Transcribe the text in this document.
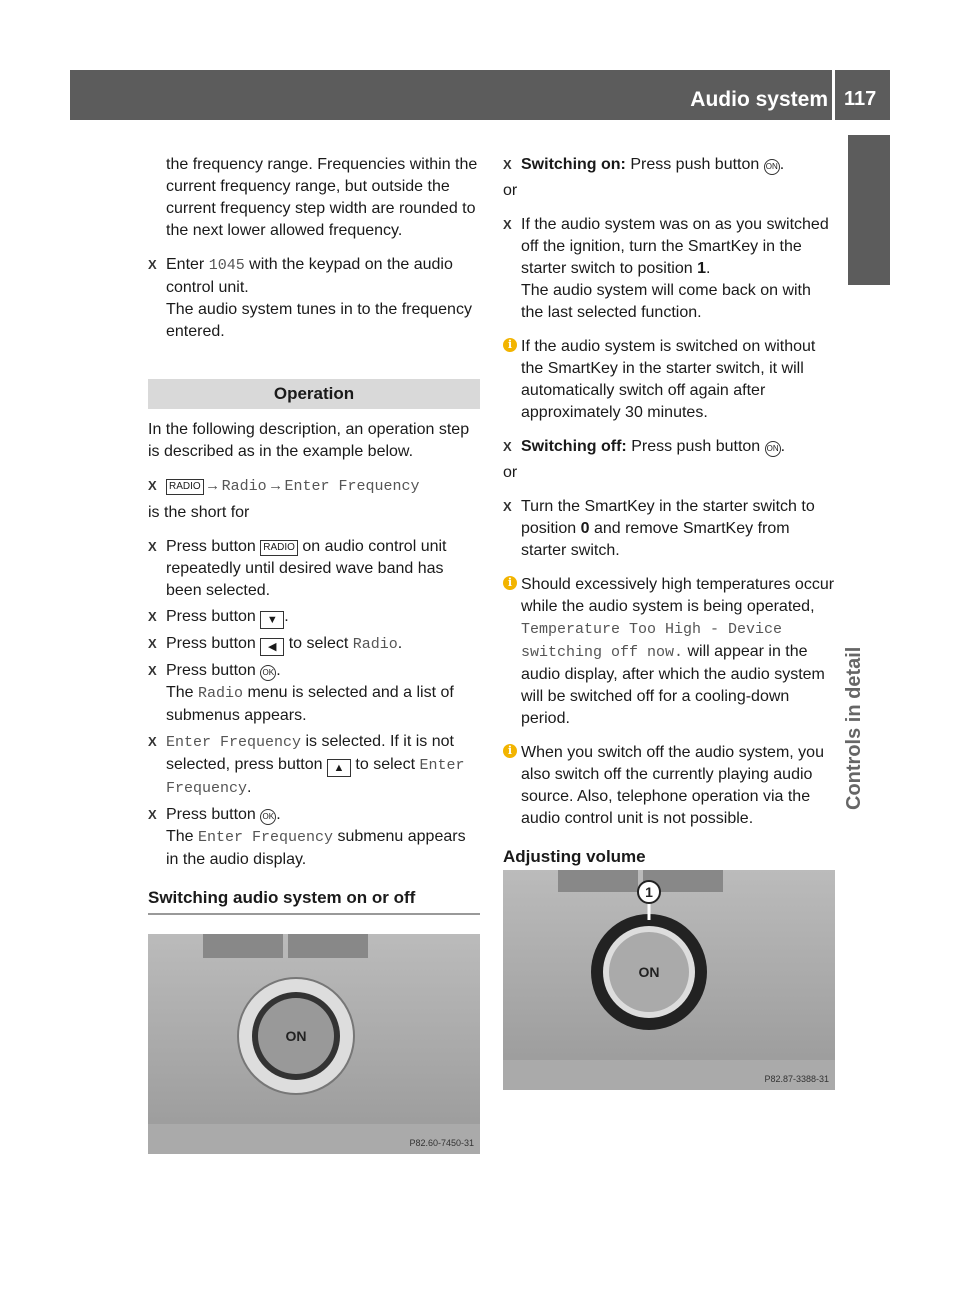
Audio system 117
Controls in detail

the frequency range. Frequencies within the current frequency range, but outside the current frequency step width are rounded to the next lower allowed frequency.

X Enter 1045 with the keypad on the audio control unit.
The audio system tunes in to the frequency entered.
Operation

In the following description, an operation step is described as in the example below.

X RADIO → Radio → Enter Frequency

is the short for

X Press button RADIO on audio control unit repeatedly until desired wave band has been selected.
X Press button ▼ .
X Press button ◀ to select Radio.
X Press button OK .
The Radio menu is selected and a list of submenus appears.
X Enter Frequency is selected. If it is not selected, press button ▲ to select Enter Frequency.
X Press button OK .
The Enter Frequency submenu appears in the audio display.
Switching audio system on or off
ON
P82.60-7450-31
X Switching on: Press push button ON .

or

X If the audio system was on as you switched off the ignition, turn the SmartKey in the starter switch to position 1.
The audio system will come back on with the last selected function.
i If the audio system is switched on without the SmartKey in the starter switch, it will automatically switch off again after approximately 30 minutes.
X Switching off: Press push button ON .

or

X Turn the SmartKey in the starter switch to position 0 and remove SmartKey from starter switch.
i Should excessively high temperatures occur while the audio system is being operated, Temperature Too High - Device switching off now. will appear in the audio display, after which the audio system will be switched off for a cooling-down period.
i When you switch off the audio system, you also switch off the currently playing audio source. Also, telephone operation via the audio control unit is not possible.
Adjusting volume
1
ON
P82.87-3388-31
